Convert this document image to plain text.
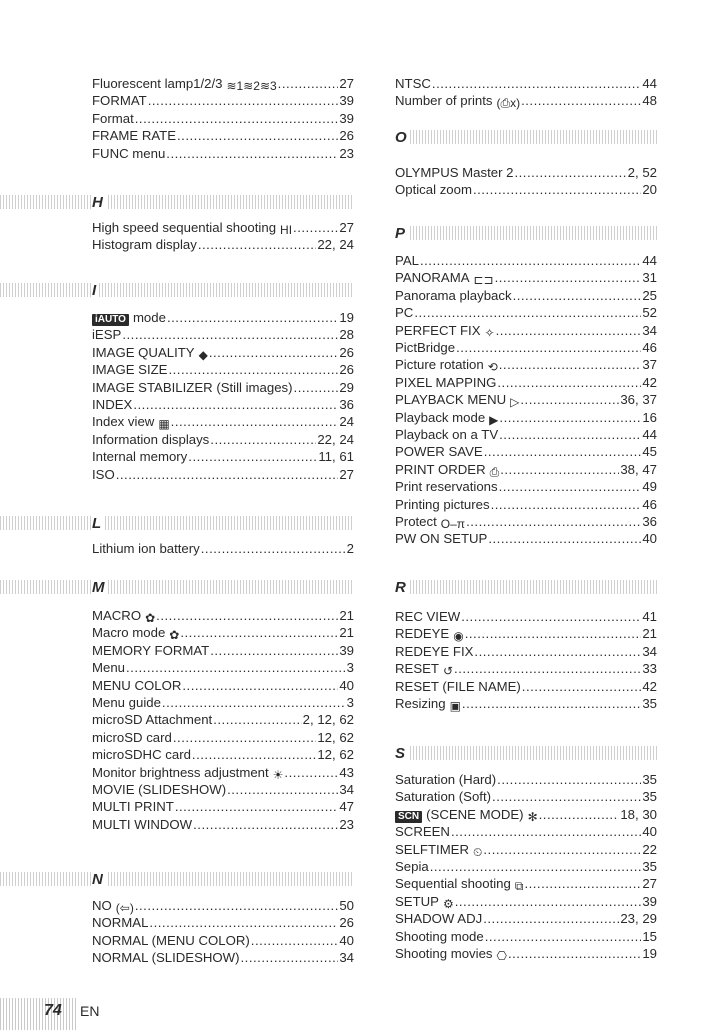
Fluorescent lamp1/2/3 ≋1≋2≋3 .....	27
FORMAT .....	39
Format .....	39
FRAME RATE .....	26
FUNC menu .....	23
H
High speed sequential shooting HI .....	27
Histogram display .....	22, 24
I
iAUTO mode .....	19
iESP .....	28
IMAGE QUALITY ◆ .....	26
IMAGE SIZE .....	26
IMAGE STABILIZER (Still images) .....	29
INDEX .....	36
Index view ▦ .....	24
Information displays .....	22, 24
Internal memory .....	11, 61
ISO .....	27
L
Lithium ion battery .....	2
M
MACRO ✿ .....	21
Macro mode ✿ .....	21
MEMORY FORMAT .....	39
Menu .....	3
MENU COLOR .....	40
Menu guide .....	3
microSD Attachment .....	2, 12, 62
microSD card .....	12, 62
microSDHC card .....	12, 62
Monitor brightness adjustment ☀ .....	43
MOVIE (SLIDESHOW) .....	34
MULTI PRINT .....	47
MULTI WINDOW .....	23
N
NO (⇦) .....	50
NORMAL .....	26
NORMAL (MENU COLOR) .....	40
NORMAL (SLIDESHOW) .....	34
NTSC .....	44
Number of prints (⎙x) .....	48
O
OLYMPUS Master 2 .....	2, 52
Optical zoom .....	20
P
PAL .....	44
PANORAMA ⊏⊐ .....	31
Panorama playback .....	25
PC .....	52
PERFECT FIX ✧ .....	34
PictBridge .....	46
Picture rotation ⟲ .....	37
PIXEL MAPPING .....	42
PLAYBACK MENU ▷ .....	36, 37
Playback mode ▶ .....	16
Playback on a TV .....	44
POWER SAVE .....	45
PRINT ORDER ⎙ .....	38, 47
Print reservations .....	49
Printing pictures .....	46
Protect O‒π .....	36
PW ON SETUP .....	40
R
REC VIEW .....	41
REDEYE ◉ .....	21
REDEYE FIX .....	34
RESET ↺ .....	33
RESET (FILE NAME) .....	42
Resizing ▣ .....	35
S
Saturation (Hard) .....	35
Saturation (Soft) .....	35
SCN (SCENE MODE) ✻ .....	18, 30
SCREEN .....	40
SELFTIMER ⏲ .....	22
Sepia .....	35
Sequential shooting ⧉ .....	27
SETUP ⚙ .....	39
SHADOW ADJ .....	23, 29
Shooting mode .....	15
Shooting movies ⎔ .....	19
74 EN
